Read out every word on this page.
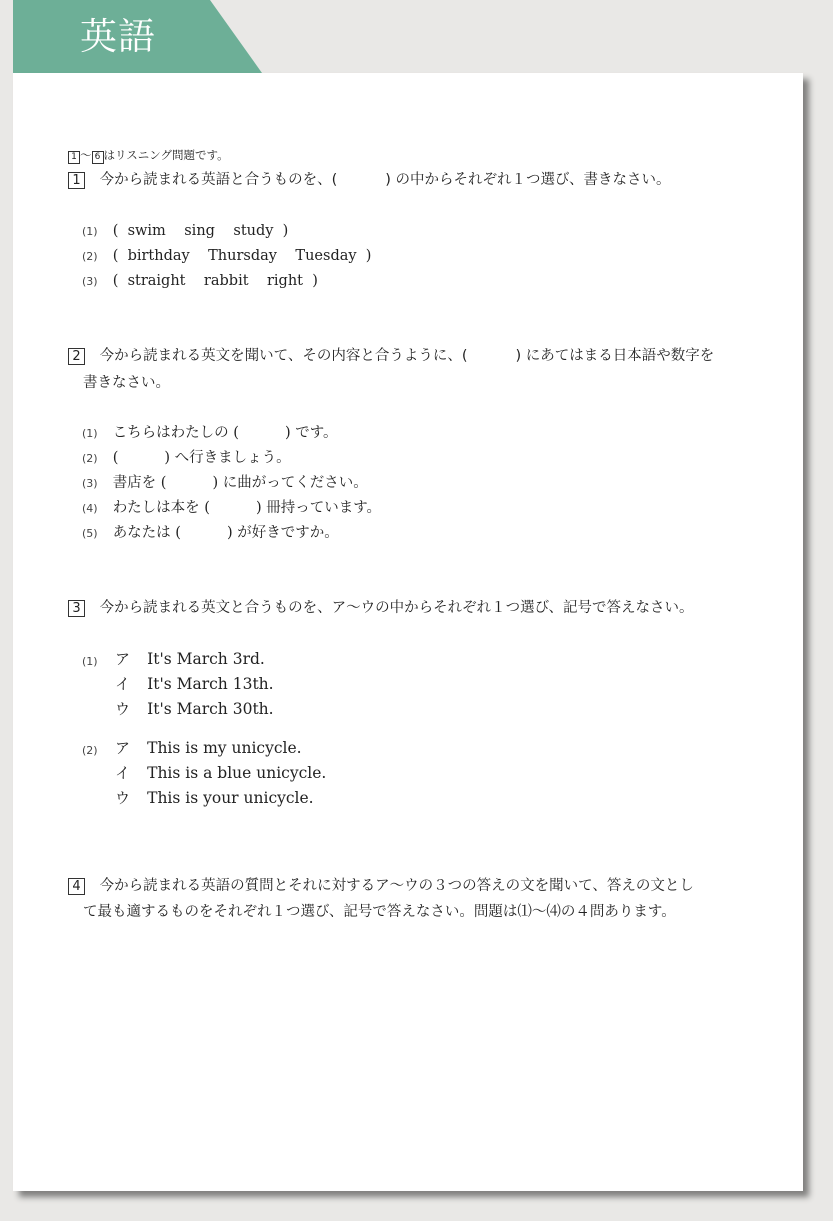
英語
1 〜 6 はリスニング問題です。
1 今から読まれる英語と合うものを、(	) の中からそれぞれ１つ選び、書きなさい。
(1) (  swim    sing    study  )
(2) (  birthday    Thursday    Tuesday  )
(3) (  straight    rabbit    right  )
2 今から読まれる英文を聞いて、その内容と合うように、(	) にあてはまる日本語や数字を
書きなさい。
(1) こちらはわたしの (	) です。
(2) (	) へ行きましょう。
(3) 書店を (	) に曲がってください。
(4) わたしは本を (	) 冊持っています。
(5) あなたは (	) が好きですか。
3 今から読まれる英文と合うものを、ア〜ウの中からそれぞれ１つ選び、記号で答えなさい。
(1) ア It's March 3rd.
イ It's March 13th.
ウ It's March 30th.
(2) ア This is my unicycle.
イ This is a blue unicycle.
ウ This is your unicycle.
4 今から読まれる英語の質問とそれに対するア〜ウの３つの答えの文を聞いて、答えの文とし
て最も適するものをそれぞれ１つ選び、記号で答えなさい。問題は⑴〜⑷の４問あります。
